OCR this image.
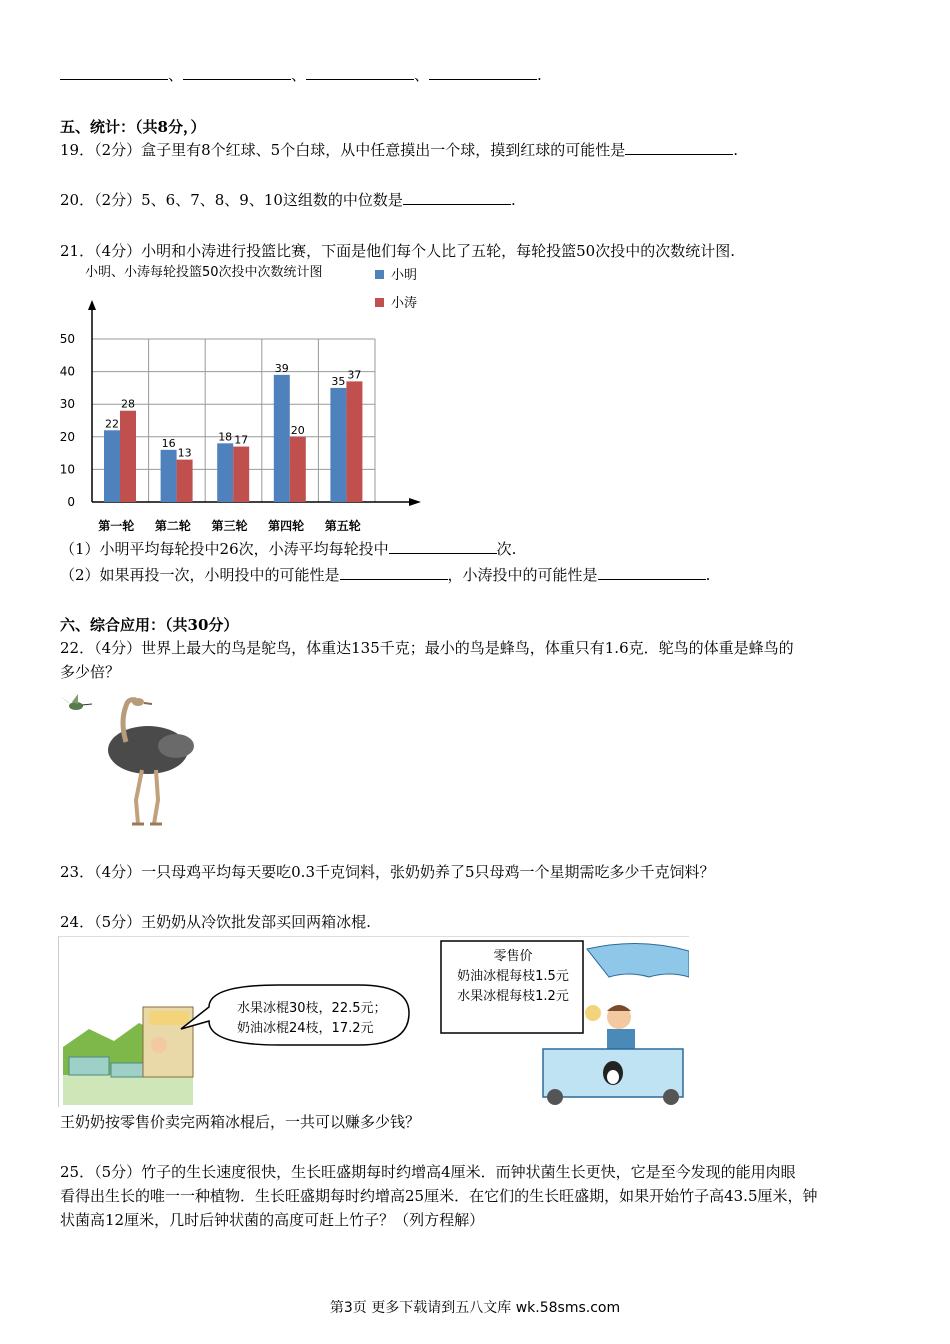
、	、	、	.
五、统计：（共8分，）
19．（2分）盒子里有8个红球、5个白球，从中任意摸出一个球，摸到红球的可能性是	.
20．（2分）5、6、7、8、9、10这组数的中位数是	.
21．（4分）小明和小涛进行投篮比赛，下面是他们每个人比了五轮，每轮投篮50次投中的次数统计图.
小明、小涛每轮投篮50次投中次数统计图
0
10
20
30
40
50
22
28
第一轮
16
13
第二轮
18 17
第三轮
39
20
第四轮
35
37
第五轮
小明
小涛
（1）小明平均每轮投中26次，小涛平均每轮投中	次.
（2）如果再投一次，小明投中的可能性是	，小涛投中的可能性是	.
六、综合应用：（共30分）
22．（4分）世界上最大的鸟是鸵鸟，体重达135千克；最小的鸟是蜂鸟，体重只有1.6克．鸵鸟的体重是蜂鸟的
多少倍？
23．（4分）一只母鸡平均每天要吃0.3千克饲料，张奶奶养了5只母鸡一个星期需吃多少千克饲料？
24．（5分）王奶奶从冷饮批发部买回两箱冰棍.
水果冰棍30枝，22.5元；
奶油冰棍24枝，17.2元
零售价
奶油冰棍每枝1.5元
水果冰棍每枝1.2元
王奶奶按零售价卖完两箱冰棍后，一共可以赚多少钱？
25．（5分）竹子的生长速度很快，生长旺盛期每时约增高4厘米．而钟状菌生长更快，它是至今发现的能用肉眼
看得出生长的唯一一种植物．生长旺盛期每时约增高25厘米．在它们的生长旺盛期，如果开始竹子高43.5厘米，钟
状菌高12厘米，几时后钟状菌的高度可赶上竹子？（列方程解）
第3页 更多下载请到五八文库 wk.58sms.com
